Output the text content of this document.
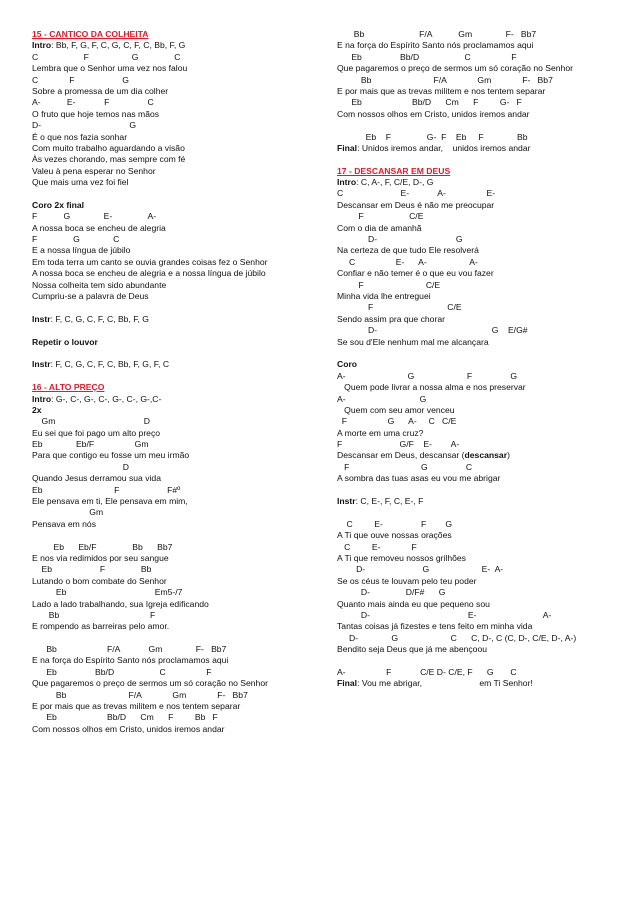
15 - CANTICO DA COLHEITA
Intro: Bb, F, G, F, C, G, C, F, C, Bb, F, G
C                   F                  G               C
Lembra que o Senhor uma vez nos falou
C             F                    G
Sobre a promessa de um dia colher
A-           E-            F                C
O fruto que hoje temos nas mãos
D-                                     G
É o que nos fazia sonhar
Com muito trabalho aguardando a visão
Às vezes chorando, mas sempre com fé
Valeu à pena esperar no Senhor
Que mais uma vez foi fiel
Coro 2x final
F           G              E-               A-
A nossa boca se encheu de alegria
F               G              C
E a nossa língua de júbilo
Em toda terra um canto se ouvia grandes coisas fez o Senhor
A nossa boca se encheu de alegria e a nossa língua de júbilo
Nossa colheita tem sido abundante
Cumpriu-se a palavra de Deus
Instr: F, C, G, C, F, C, Bb, F, G
Repetir o louvor
Instr: F, C, G, C, F, C, Bb, F, G, F, C
16 - ALTO PREÇO
Intro: G-, C-, G-, C-, G-, C-, G-,C-
2x
Gm                                     D
Eu sei que foi pago um alto preço
Eb              Eb/F                 Gm
Para que contigo eu fosse um meu irmão
D
Quando Jesus derramou sua vida
Eb                              F                    F#º
Ele pensava em ti, Ele pensava em mim,
Gm
Pensava em nós
Eb      Eb/F               Bb      Bb7
E nos via redimidos por seu sangue
Eb                    F               Bb
Lutando o bom combate do Senhor
Eb                                     Em5-/7
Lado a lado trabalhando, sua Igreja edificando
Bb                                      F
E rompendo as barreiras pelo amor.
Bb                     F/A            Gm              F-   Bb7
E na força do Espírito Santo nós proclamamos aqui
Eb                Bb/D                   C                 F
Que pagaremos o preço de sermos um só coração no Senhor
Bb                          F/A             Gm             F-   Bb7
E por mais que as trevas militem e nos tentem separar
Eb                     Bb/D      Cm      F         Bb   F
Com nossos olhos em Cristo, unidos iremos andar
Bb                       F/A           Gm              F-   Bb7
E na força do Espírito Santo nós proclamamos aqui
Eb                Bb/D                   C                 F
Que pagaremos o preço de sermos um só coração no Senhor
Bb                          F/A             Gm             F-   Bb7
E por mais que as trevas militem e nos tentem separar
Eb                     Bb/D      Cm      F         G-   F
Com nossos olhos em Cristo, unidos iremos andar
Eb    F               G-  F    Eb     F              Bb
Final: Unidos iremos andar,    unidos iremos andar
17 - DESCANSAR EM DEUS
Intro: C, A-, F, C/E, D-, G
C                        E-            A-                 E-
Descansar em Deus é não me preocupar
F                   C/E
Com o dia de amanhã
D-                                 G
Na certeza de que tudo Ele resolverá
C                 E-      A-                  A-
Confiar e não temer é o que eu vou fazer
F                          C/E
Minha vida lhe entreguei
F                               C/E
Sendo assim pra que chorar
D-                                                G    E/G#
Se sou d'Ele nenhum mal me alcançara
Coro
A-                          G                      F                G
Quem pode livrar a nossa alma e nos preservar
A-                               G
Quem com seu amor venceu
F                 G      A-     C   C/E
A morte em uma cruz?
F                        G/F    E-        A-
Descansar em Deus, descansar (descansar)
F                              G                C
A sombra das tuas asas eu vou me abrigar
Instr: C, E-, F, C, E-, F
C         E-                F        G
A Ti que ouve nossas orações
C         E-             F
A Ti que removeu nossos grilhões
D-                        G                      E-  A-
Se os céus te louvam pelo teu poder
D-               D/F#      G
Quanto mais ainda eu que pequeno sou
D-                                         E-                            A-
Tantas coisas já fizestes e tens feito em minha vida
D-              G                      C      C, D-, C (C, D-, C/E, D-, A-)
Bendito seja Deus que já me abençoou
A-                 F            C/E D- C/E, F      G       C
Final: Vou me abrigar,                        em Ti Senhor!
